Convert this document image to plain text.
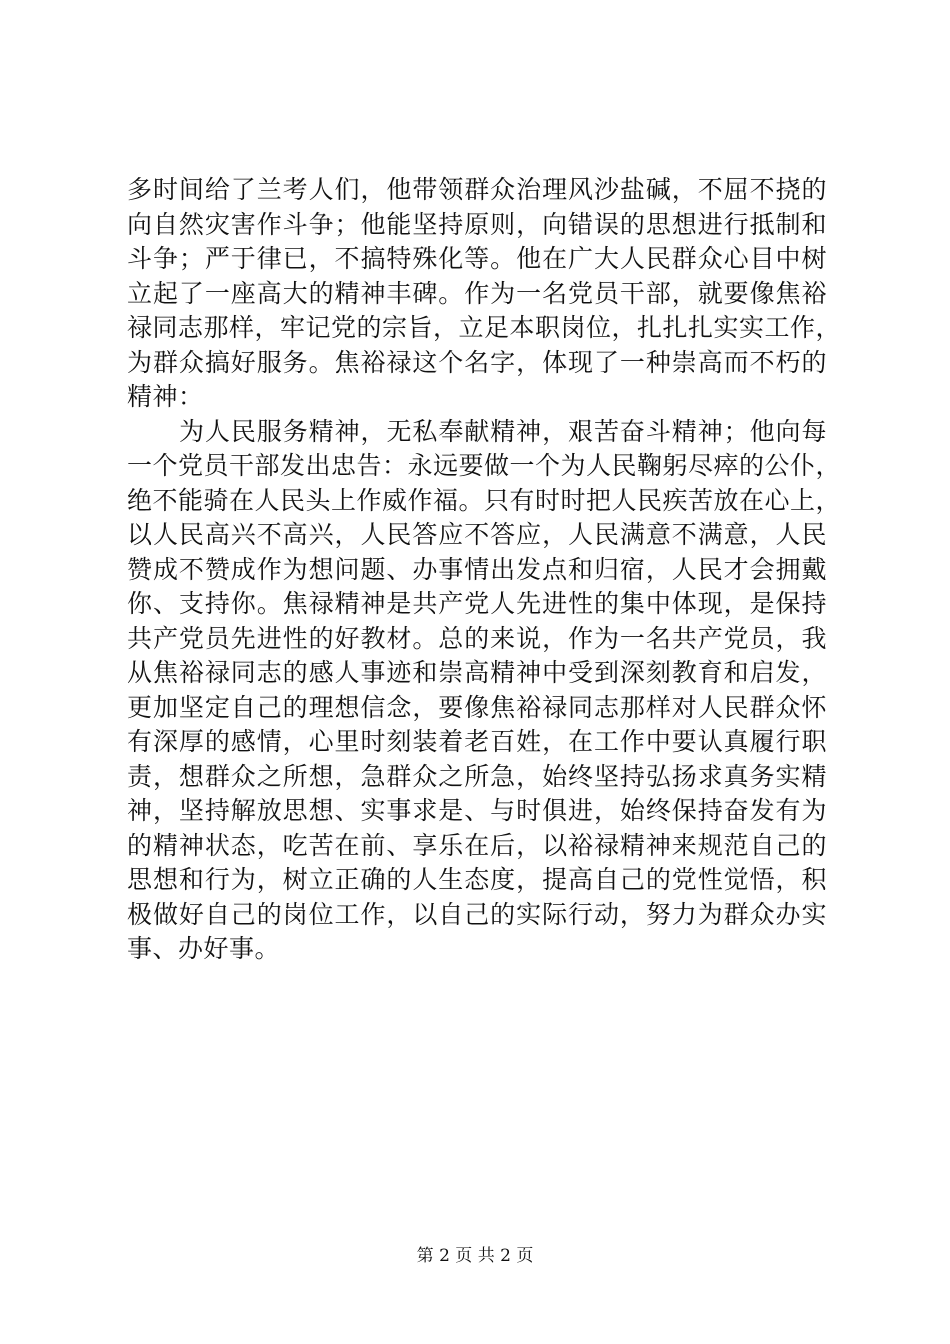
多时间给了兰考人们，他带领群众治理风沙盐碱，不屈不挠的
向自然灾害作斗争；他能坚持原则，向错误的思想进行抵制和
斗争；严于律已，不搞特殊化等。他在广大人民群众心目中树
立起了一座高大的精神丰碑。作为一名党员干部，就要像焦裕
禄同志那样，牢记党的宗旨，立足本职岗位，扎扎扎实实工作，
为群众搞好服务。焦裕禄这个名字，体现了一种崇高而不朽的
精神：
为人民服务精神，无私奉献精神，艰苦奋斗精神；他向每
一个党员干部发出忠告：永远要做一个为人民鞠躬尽瘁的公仆，
绝不能骑在人民头上作威作福。只有时时把人民疾苦放在心上，
以人民高兴不高兴，人民答应不答应，人民满意不满意，人民
赞成不赞成作为想问题、办事情出发点和归宿，人民才会拥戴
你、支持你。焦禄精神是共产党人先进性的集中体现，是保持
共产党员先进性的好教材。总的来说，作为一名共产党员，我
从焦裕禄同志的感人事迹和崇高精神中受到深刻教育和启发，
更加坚定自己的理想信念，要像焦裕禄同志那样对人民群众怀
有深厚的感情，心里时刻装着老百姓，在工作中要认真履行职
责，想群众之所想，急群众之所急，始终坚持弘扬求真务实精
神，坚持解放思想、实事求是、与时俱进，始终保持奋发有为
的精神状态，吃苦在前、享乐在后，以裕禄精神来规范自己的
思想和行为，树立正确的人生态度，提高自己的党性觉悟，积
极做好自己的岗位工作，以自己的实际行动，努力为群众办实
事、办好事。
第 2 页 共 2 页
